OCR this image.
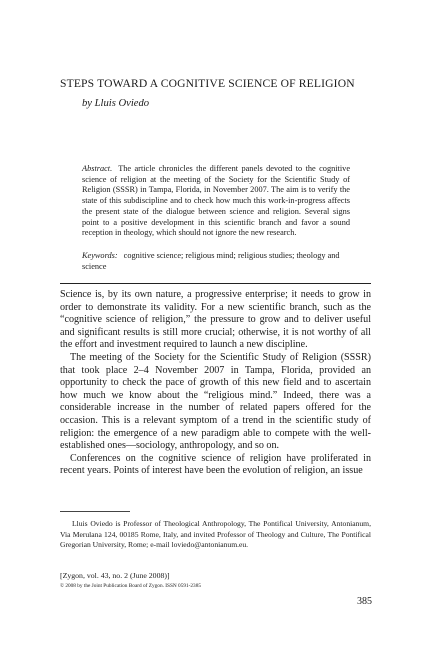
STEPS TOWARD A COGNITIVE SCIENCE OF RELIGION
by Lluis Oviedo

Abstract. The article chronicles the different panels devoted to the cognitive science of religion at the meeting of the Society for the Scientific Study of Religion (SSSR) in Tampa, Florida, in November 2007. The aim is to verify the state of this subdiscipline and to check how much this work-in-progress affects the present state of the dialogue between science and religion. Several signs point to a positive development in this scientific branch and favor a sound reception in theology, which should not ignore the new research.

Keywords: cognitive science; religious mind; religious studies; theology and science

Science is, by its own nature, a progressive enterprise; it needs to grow in order to demonstrate its validity. For a new scientific branch, such as the “cognitive science of religion,” the pressure to grow and to deliver useful and significant results is still more crucial; otherwise, it is not worthy of all the effort and investment required to launch a new discipline.

The meeting of the Society for the Scientific Study of Religion (SSSR) that took place 2–4 November 2007 in Tampa, Florida, provided an opportunity to check the pace of growth of this new field and to ascertain how much we know about the “religious mind.” Indeed, there was a considerable increase in the number of related papers offered for the occasion. This is a relevant symptom of a trend in the scientific study of religion: the emergence of a new paradigm able to compete with the well-established ones—sociology, anthropology, and so on.

Conferences on the cognitive science of religion have proliferated in recent years. Points of interest have been the evolution of religion, an issue

Lluis Oviedo is Professor of Theological Anthropology, The Pontifical University, Antonianum, Via Merulana 124, 00185 Rome, Italy, and invited Professor of Theology and Culture, The Pontifical Gregorian University, Rome; e-mail loviedo@antonianum.eu.

[Zygon, vol. 43, no. 2 (June 2008)]
© 2008 by the Joint Publication Board of Zygon. ISSN 0591-2385
385
